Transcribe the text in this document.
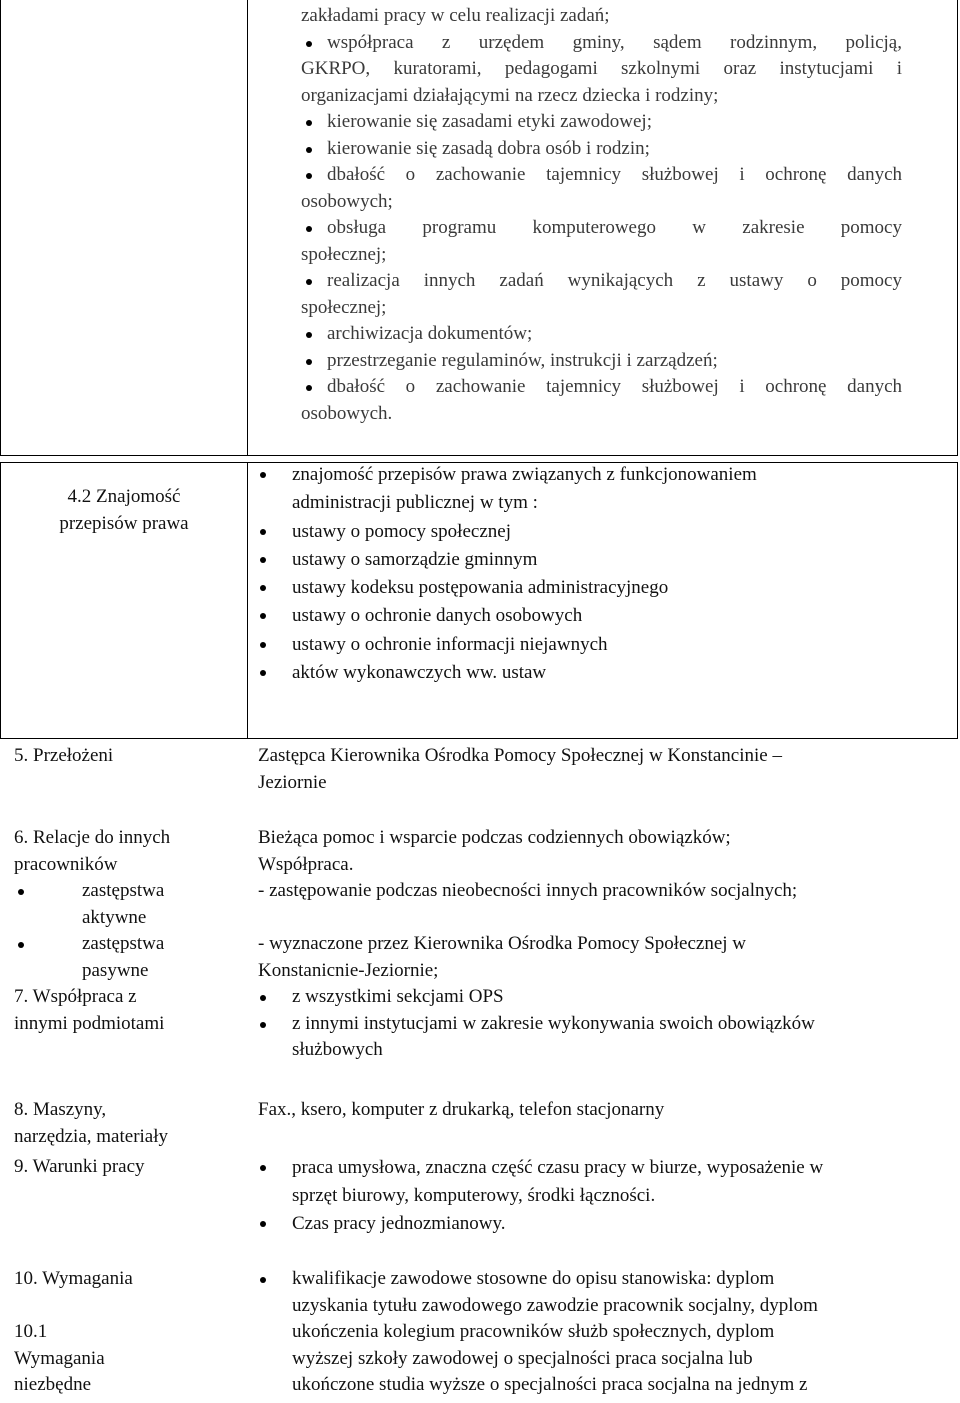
zakładami pracy w celu realizacji zadań;
współpraca z urzędem gminy, sądem rodzinnym, policją,
GKRPO, kuratorami, pedagogami szkolnymi oraz instytucjami i
organizacjami działającymi na rzecz dziecka i rodziny;
kierowanie się zasadami etyki zawodowej;
kierowanie się zasadą dobra osób i rodzin;
dbałość o zachowanie tajemnicy służbowej i ochronę danych
osobowych;
obsługa programu komputerowego w zakresie pomocy
społecznej;
realizacja innych zadań wynikających z ustawy o pomocy
społecznej;
archiwizacja dokumentów;
przestrzeganie regulaminów, instrukcji i zarządzeń;
dbałość o zachowanie tajemnicy służbowej i ochronę danych
osobowych.
4.2 Znajomość
przepisów prawa
znajomość przepisów prawa związanych z funkcjonowaniem
administracji publicznej w tym :
ustawy o pomocy społecznej
ustawy o samorządzie gminnym
ustawy kodeksu postępowania administracyjnego
ustawy o ochronie danych osobowych
ustawy o ochronie informacji niejawnych
aktów wykonawczych ww. ustaw
5. Przełożeni	Zastępca Kierownika Ośrodka Pomocy Społecznej w Konstancinie –
Jeziornie
6. Relacje do innych
pracowników
zastępstwa
aktywne
zastępstwa
pasywne
7. Współpraca z
innymi podmiotami
Bieżąca pomoc i wsparcie podczas codziennych obowiązków;
Współpraca.
- zastępowanie podczas nieobecności innych pracowników socjalnych;

- wyznaczone przez Kierownika Ośrodka Pomocy Społecznej w
Konstanicnie-Jeziornie;
z wszystkimi sekcjami OPS
z innymi instytucjami w zakresie wykonywania swoich obowiązków
służbowych
8. Maszyny,
narzędzia, materiały
Fax., ksero, komputer z drukarką, telefon stacjonarny
9. Warunki pracy	praca umysłowa, znaczna część czasu pracy w biurze, wyposażenie w
sprzęt biurowy, komputerowy, środki łączności.
Czas pracy jednozmianowy.
10. Wymagania

10.1
Wymagania
niezbędne
kwalifikacje zawodowe stosowne do opisu stanowiska: dyplom
uzyskania tytułu zawodowego zawodzie pracownik socjalny, dyplom
ukończenia kolegium pracowników służb społecznych, dyplom
wyższej szkoły zawodowej o specjalności praca socjalna lub
ukończone studia wyższe o specjalności praca socjalna na jednym z
